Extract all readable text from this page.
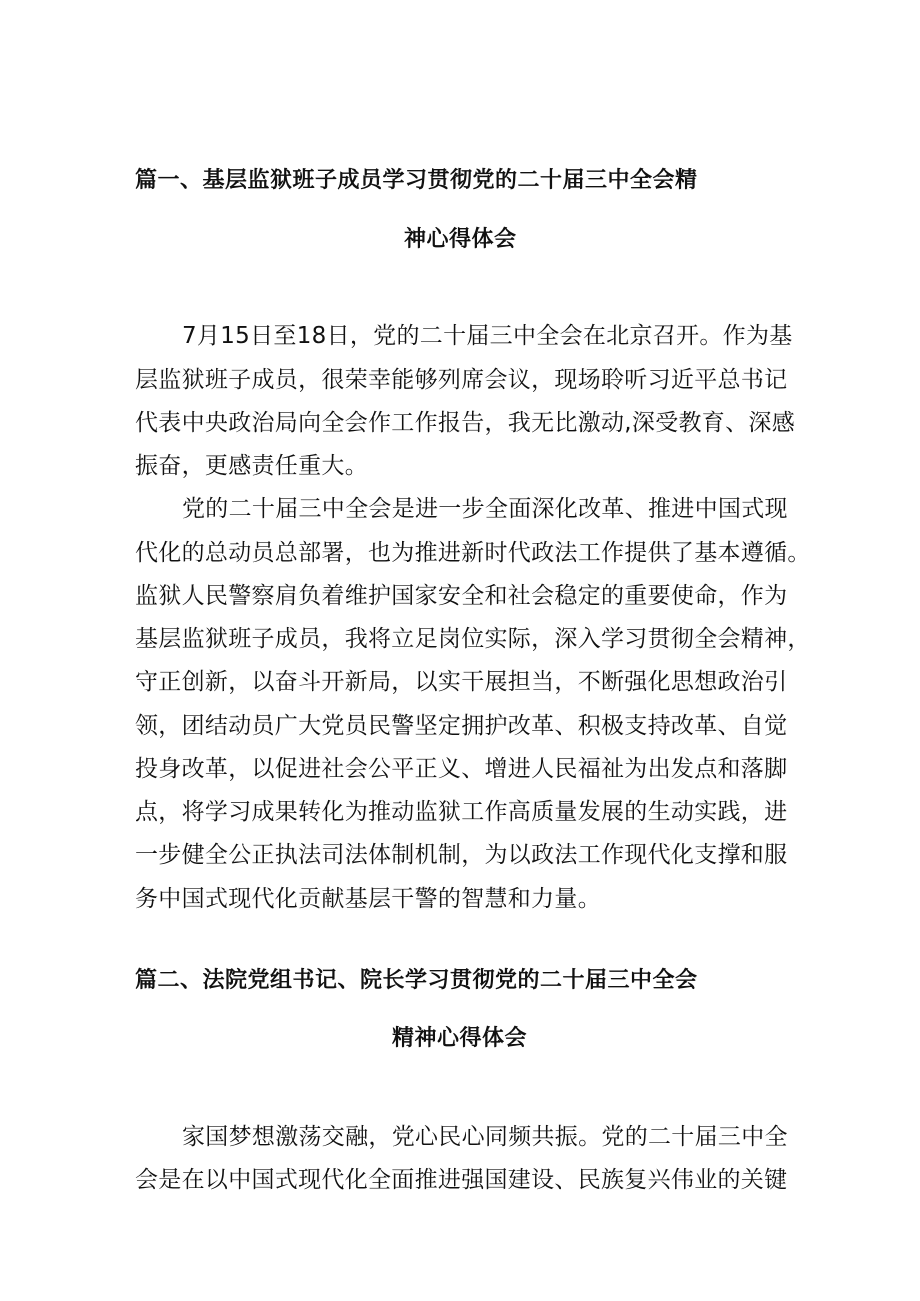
篇一、基层监狱班子成员学习贯彻党的二十届三中全会精
神心得体会
7月15日至18日，党的二十届三中全会在北京召开。作为基
层监狱班子成员，很荣幸能够列席会议，现场聆听习近平总书记
代表中央政治局向全会作工作报告，我无比激动,深受教育、深感
振奋，更感责任重大。
党的二十届三中全会是进一步全面深化改革、推进中国式现
代化的总动员总部署，也为推进新时代政法工作提供了基本遵循。
监狱人民警察肩负着维护国家安全和社会稳定的重要使命，作为
基层监狱班子成员，我将立足岗位实际，深入学习贯彻全会精神，
守正创新，以奋斗开新局，以实干展担当，不断强化思想政治引
领，团结动员广大党员民警坚定拥护改革、积极支持改革、自觉
投身改革，以促进社会公平正义、增进人民福祉为出发点和落脚
点，将学习成果转化为推动监狱工作高质量发展的生动实践，进
一步健全公正执法司法体制机制，为以政法工作现代化支撑和服
务中国式现代化贡献基层干警的智慧和力量。
篇二、法院党组书记、院长学习贯彻党的二十届三中全会
精神心得体会
家国梦想激荡交融，党心民心同频共振。党的二十届三中全
会是在以中国式现代化全面推进强国建设、民族复兴伟业的关键
